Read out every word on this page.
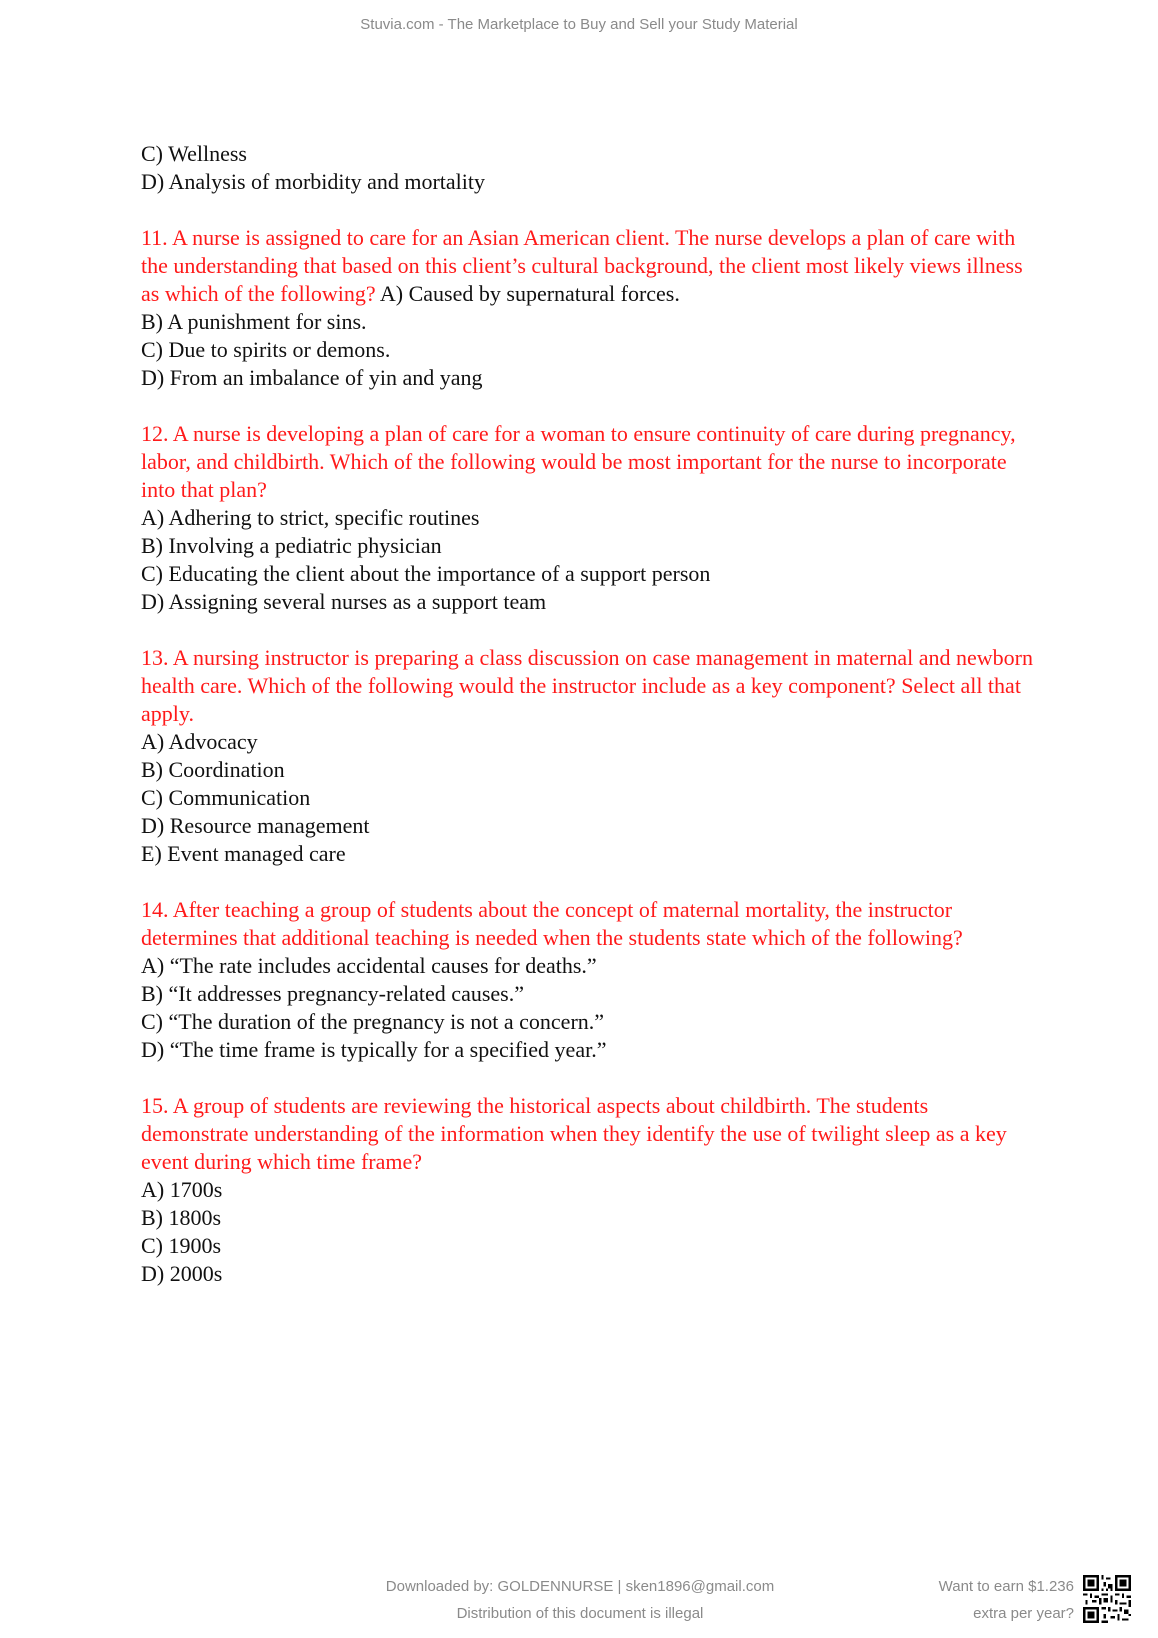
Stuvia.com - The Marketplace to Buy and Sell your Study Material

C) Wellness

D) Analysis of morbidity and mortality

11. A nurse is assigned to care for an Asian American client. The nurse develops a plan of care with the understanding that based on this client’s cultural background, the client most likely views illness as which of the following? A) Caused by supernatural forces.

B) A punishment for sins.

C) Due to spirits or demons.

D) From an imbalance of yin and yang

12. A nurse is developing a plan of care for a woman to ensure continuity of care during pregnancy, labor, and childbirth. Which of the following would be most important for the nurse to incorporate into that plan?

A) Adhering to strict, specific routines

B) Involving a pediatric physician

C) Educating the client about the importance of a support person

D) Assigning several nurses as a support team

13. A nursing instructor is preparing a class discussion on case management in maternal and newborn health care. Which of the following would the instructor include as a key component? Select all that apply.

A) Advocacy

B) Coordination

C) Communication

D) Resource management

E) Event managed care

14. After teaching a group of students about the concept of maternal mortality, the instructor determines that additional teaching is needed when the students state which of the following?

A) “The rate includes accidental causes for deaths.”

B) “It addresses pregnancy-related causes.”

C) “The duration of the pregnancy is not a concern.”

D) “The time frame is typically for a specified year.”

15. A group of students are reviewing the historical aspects about childbirth. The students demonstrate understanding of the information when they identify the use of twilight sleep as a key event during which time frame?

A) 1700s

B) 1800s

C) 1900s

D) 2000s

Downloaded by: GOLDENNURSE | sken1896@gmail.com
Distribution of this document is illegal
Want to earn $1.236
extra per year?
